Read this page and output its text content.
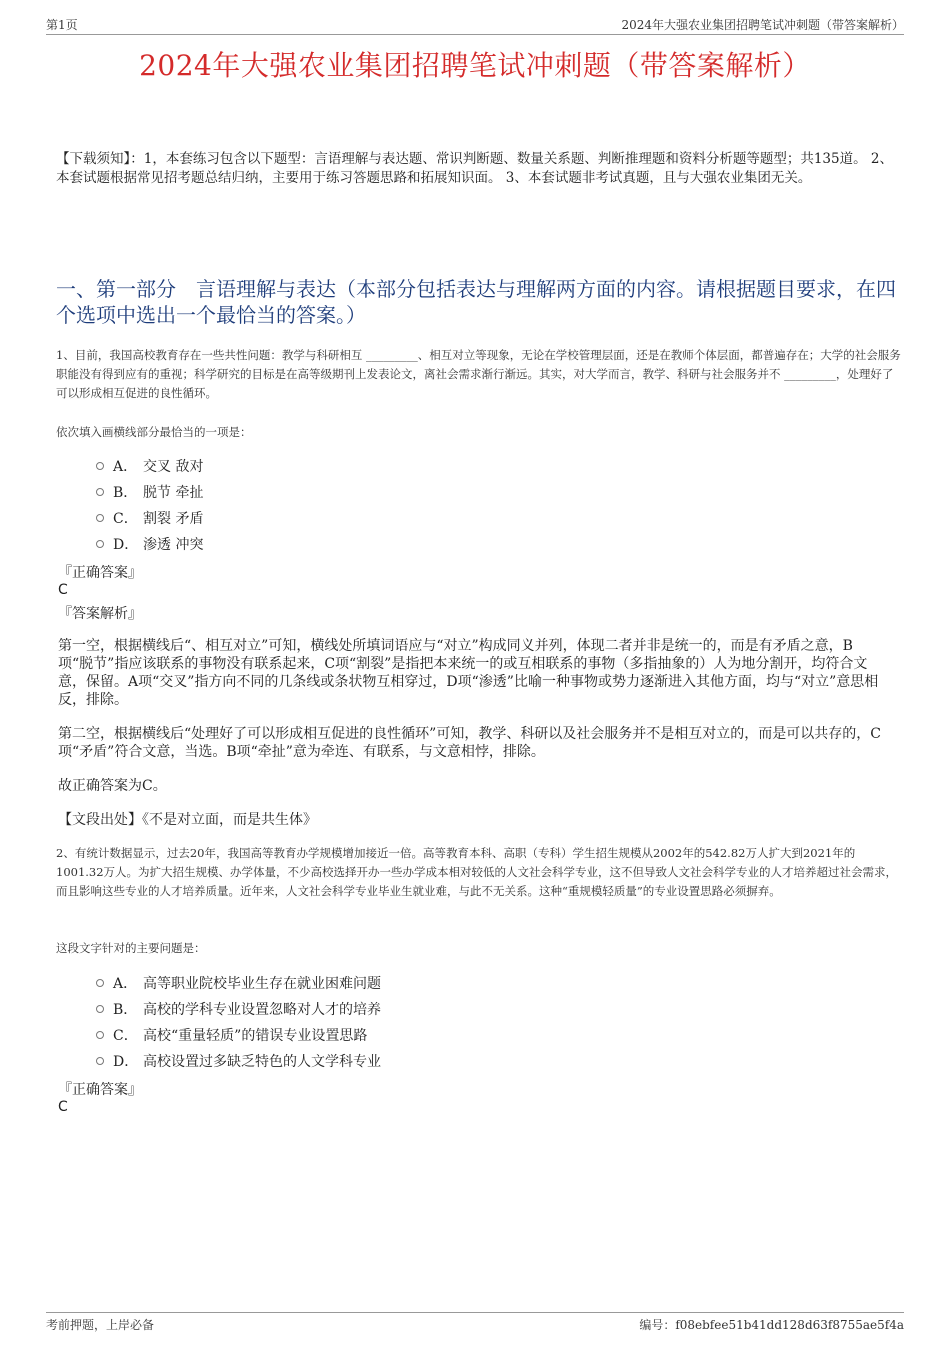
第1页	2024年大强农业集团招聘笔试冲刺题（带答案解析）
2024年大强农业集团招聘笔试冲刺题（带答案解析）
【下载须知】：1，本套练习包含以下题型：言语理解与表达题、常识判断题、数量关系题、判断推理题和资料分析题等题型；共135道。 2、本套试题根据常见招考题总结归纳，主要用于练习答题思路和拓展知识面。 3、本套试题非考试真题，且与大强农业集团无关。
一、第一部分　言语理解与表达（本部分包括表达与理解两方面的内容。请根据题目要求，在四个选项中选出一个最恰当的答案。）
1、目前，我国高校教育存在一些共性问题：教学与科研相互 _________、相互对立等现象，无论在学校管理层面，还是在教师个体层面，都普遍存在；大学的社会服务职能没有得到应有的重视；科学研究的目标是在高等级期刊上发表论文，离社会需求渐行渐远。其实，对大学而言，教学、科研与社会服务并不 _________，处理好了可以形成相互促进的良性循环。
依次填入画横线部分最恰当的一项是：
A． 交叉 敌对
B． 脱节 牵扯
C． 割裂 矛盾
D． 渗透 冲突
『正确答案』
C
『答案解析』
第一空，根据横线后“、相互对立”可知，横线处所填词语应与“对立”构成同义并列，体现二者并非是统一的，而是有矛盾之意，B项“脱节”指应该联系的事物没有联系起来，C项“割裂”是指把本来统一的或互相联系的事物（多指抽象的）人为地分割开，均符合文意，保留。A项“交叉”指方向不同的几条线或条状物互相穿过，D项“渗透”比喻一种事物或势力逐渐进入其他方面，均与“对立”意思相反，排除。
第二空，根据横线后“处理好了可以形成相互促进的良性循环”可知，教学、科研以及社会服务并不是相互对立的，而是可以共存的，C项“矛盾”符合文意，当选。B项“牵扯”意为牵连、有联系，与文意相悖，排除。
故正确答案为C。
【文段出处】《不是对立面，而是共生体》
2、有统计数据显示，过去20年，我国高等教育办学规模增加接近一倍。高等教育本科、高职（专科）学生招生规模从2002年的542.82万人扩大到2021年的1001.32万人。为扩大招生规模、办学体量，不少高校选择开办一些办学成本相对较低的人文社会科学专业，这不但导致人文社会科学专业的人才培养超过社会需求，而且影响这些专业的人才培养质量。近年来，人文社会科学专业毕业生就业难，与此不无关系。这种“重规模轻质量”的专业设置思路必须摒弃。
这段文字针对的主要问题是：
A． 高等职业院校毕业生存在就业困难问题
B． 高校的学科专业设置忽略对人才的培养
C． 高校“重量轻质”的错误专业设置思路
D． 高校设置过多缺乏特色的人文学科专业
『正确答案』
C
考前押题，上岸必备	编号：f08ebfee51b41dd128d63f8755ae5f4a
